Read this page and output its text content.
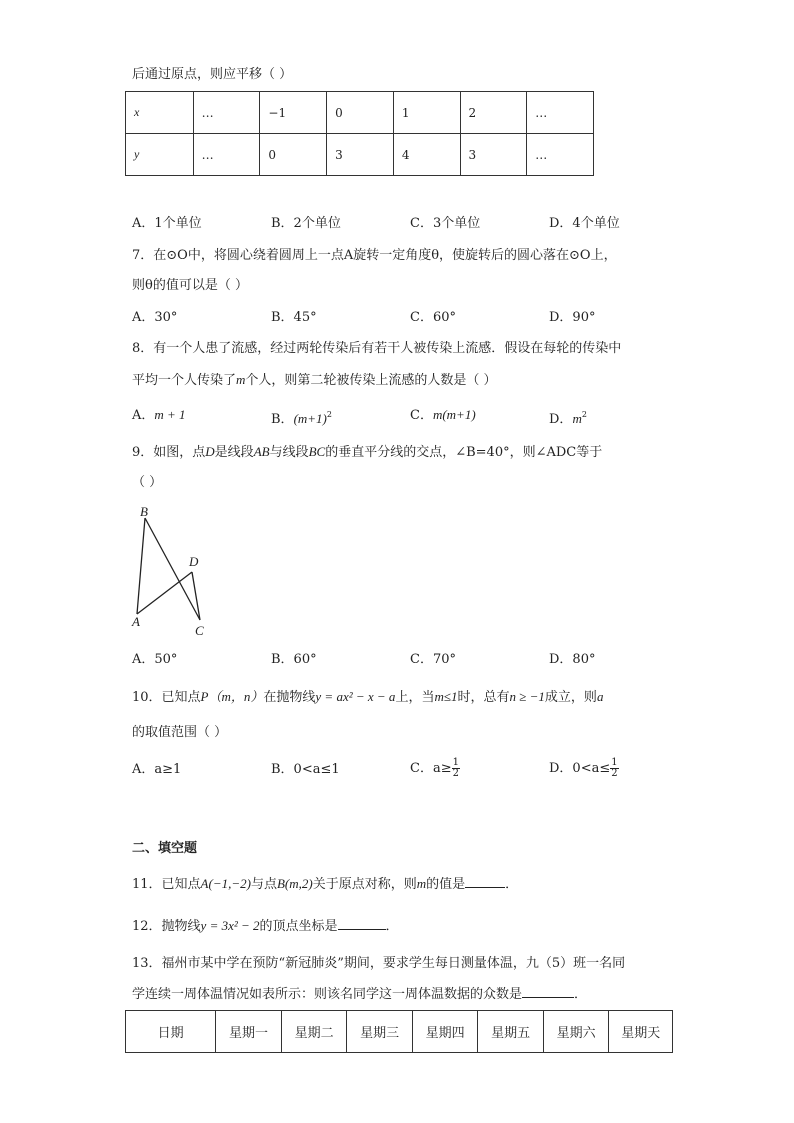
后通过原点，则应平移（ ）
x	…	−1	0	1	2	…
y	…	0	3	4	3	…
A．1个单位	B．2个单位	C．3个单位	D．4个单位
7．在⊙O中，将圆心绕着圆周上一点A旋转一定角度θ，使旋转后的圆心落在⊙O上，
则θ的值可以是（ ）
A．30°	B．45°	C．60°	D．90°
8．有一个人患了流感，经过两轮传染后有若干人被传染上流感．假设在每轮的传染中
平均一个人传染了m个人，则第二轮被传染上流感的人数是（ ）
A．m + 1	B．$(m+1)^2$	C．m(m+1)	D．$m^2$
9．如图，点D是线段AB与线段BC的垂直平分线的交点，∠B=40°，则∠ADC等于
（ ）
B
D
A
C
A．50°	B．60°	C．70°	D．80°
10．已知点P（m，n）在抛物线y = ax² − x − a上，当m≤1时，总有n ≥ −1成立，则a
的取值范围（ ）
A．a≥1	B．0<a≤1	C．$a\ge \frac{1}{2}$	D．$0<a\le \frac{1}{2}$
二、填空题
11．已知点A(−1,−2)与点B(m,2)关于原点对称，则m的值是	．
12．抛物线y = 3x² − 2的顶点坐标是	．
13．福州市某中学在预防“新冠肺炎”期间，要求学生每日测量体温，九（5）班一名同
学连续一周体温情况如表所示：则该名同学这一周体温数据的众数是	．
日期	星期一	星期二	星期三	星期四	星期五	星期六	星期天
